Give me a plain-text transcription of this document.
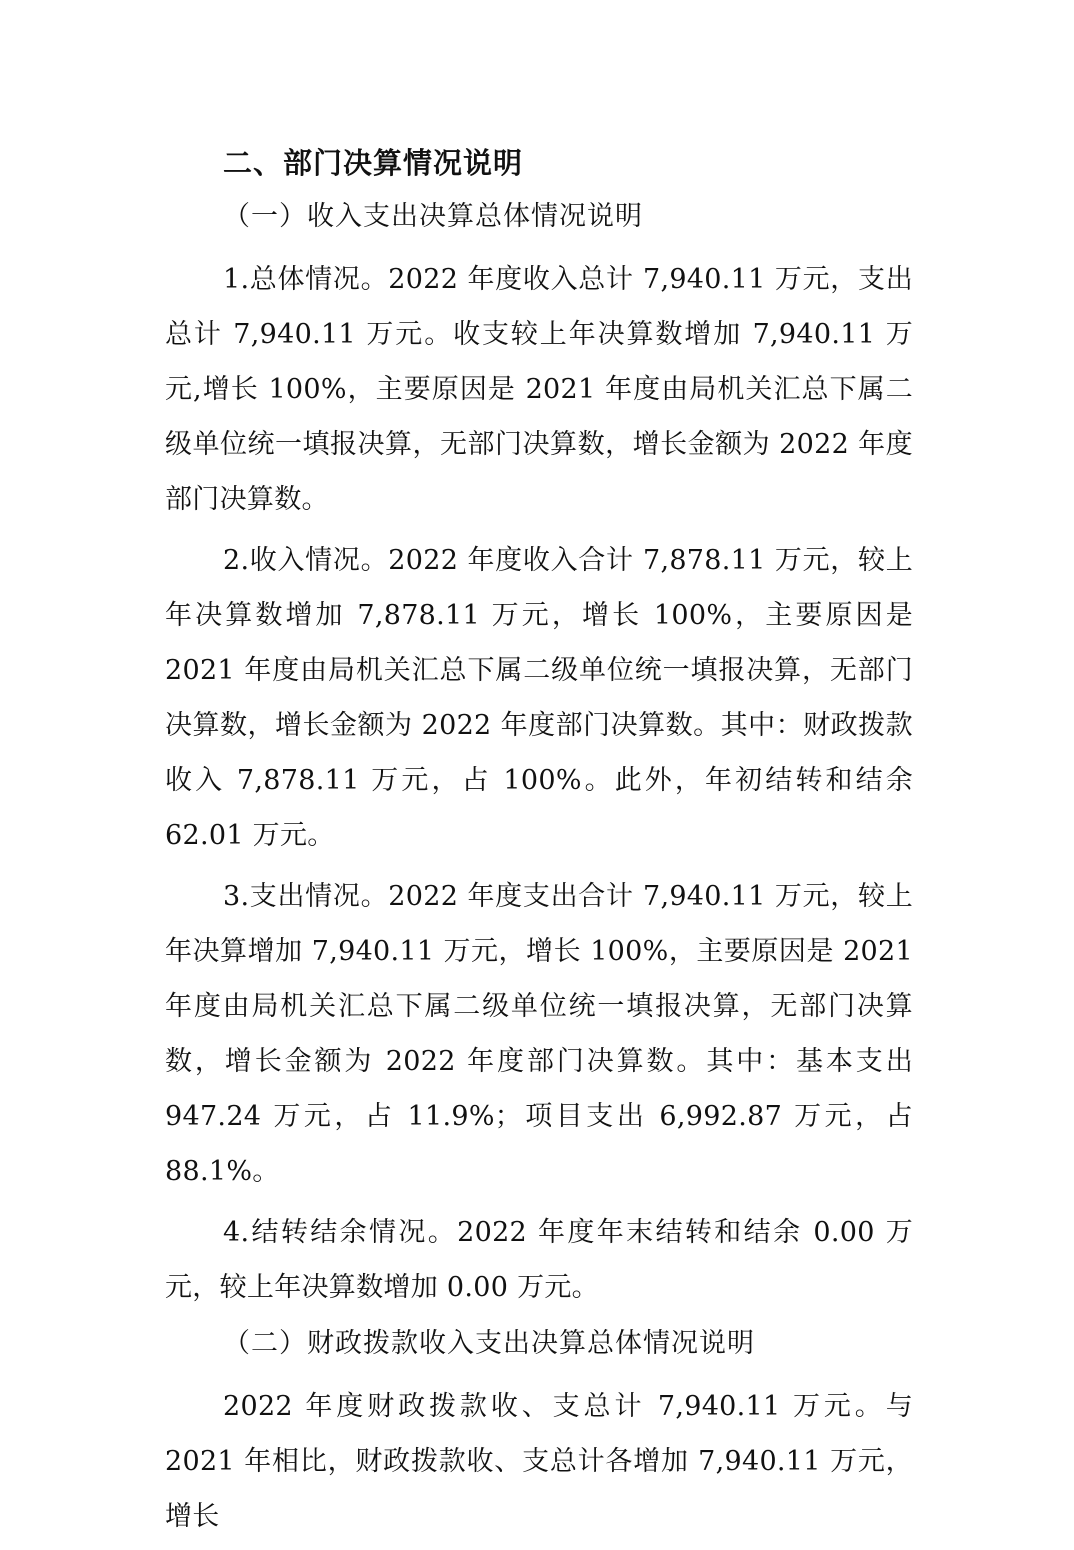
二、部门决算情况说明
（一）收入支出决算总体情况说明

1.总体情况。2022 年度收入总计 7,940.11 万元，支出总计 7,940.11 万元。收支较上年决算数增加 7,940.11 万元,增长 100%，主要原因是 2021 年度由局机关汇总下属二级单位统一填报决算，无部门决算数，增长金额为 2022 年度部门决算数。

2.收入情况。2022 年度收入合计 7,878.11 万元，较上年决算数增加 7,878.11 万元，增长 100%，主要原因是 2021 年度由局机关汇总下属二级单位统一填报决算，无部门决算数，增长金额为 2022 年度部门决算数。其中：财政拨款收入 7,878.11 万元，占 100%。此外，年初结转和结余 62.01 万元。

3.支出情况。2022 年度支出合计 7,940.11 万元，较上年决算增加 7,940.11 万元，增长 100%，主要原因是 2021 年度由局机关汇总下属二级单位统一填报决算，无部门决算数，增长金额为 2022 年度部门决算数。其中：基本支出 947.24 万元，占 11.9%；项目支出 6,992.87 万元，占 88.1%。

4.结转结余情况。2022 年度年末结转和结余 0.00 万元，较上年决算数增加 0.00 万元。

（二）财政拨款收入支出决算总体情况说明

2022 年度财政拨款收、支总计 7,940.11 万元。与 2021 年相比，财政拨款收、支总计各增加 7,940.11 万元，增长
